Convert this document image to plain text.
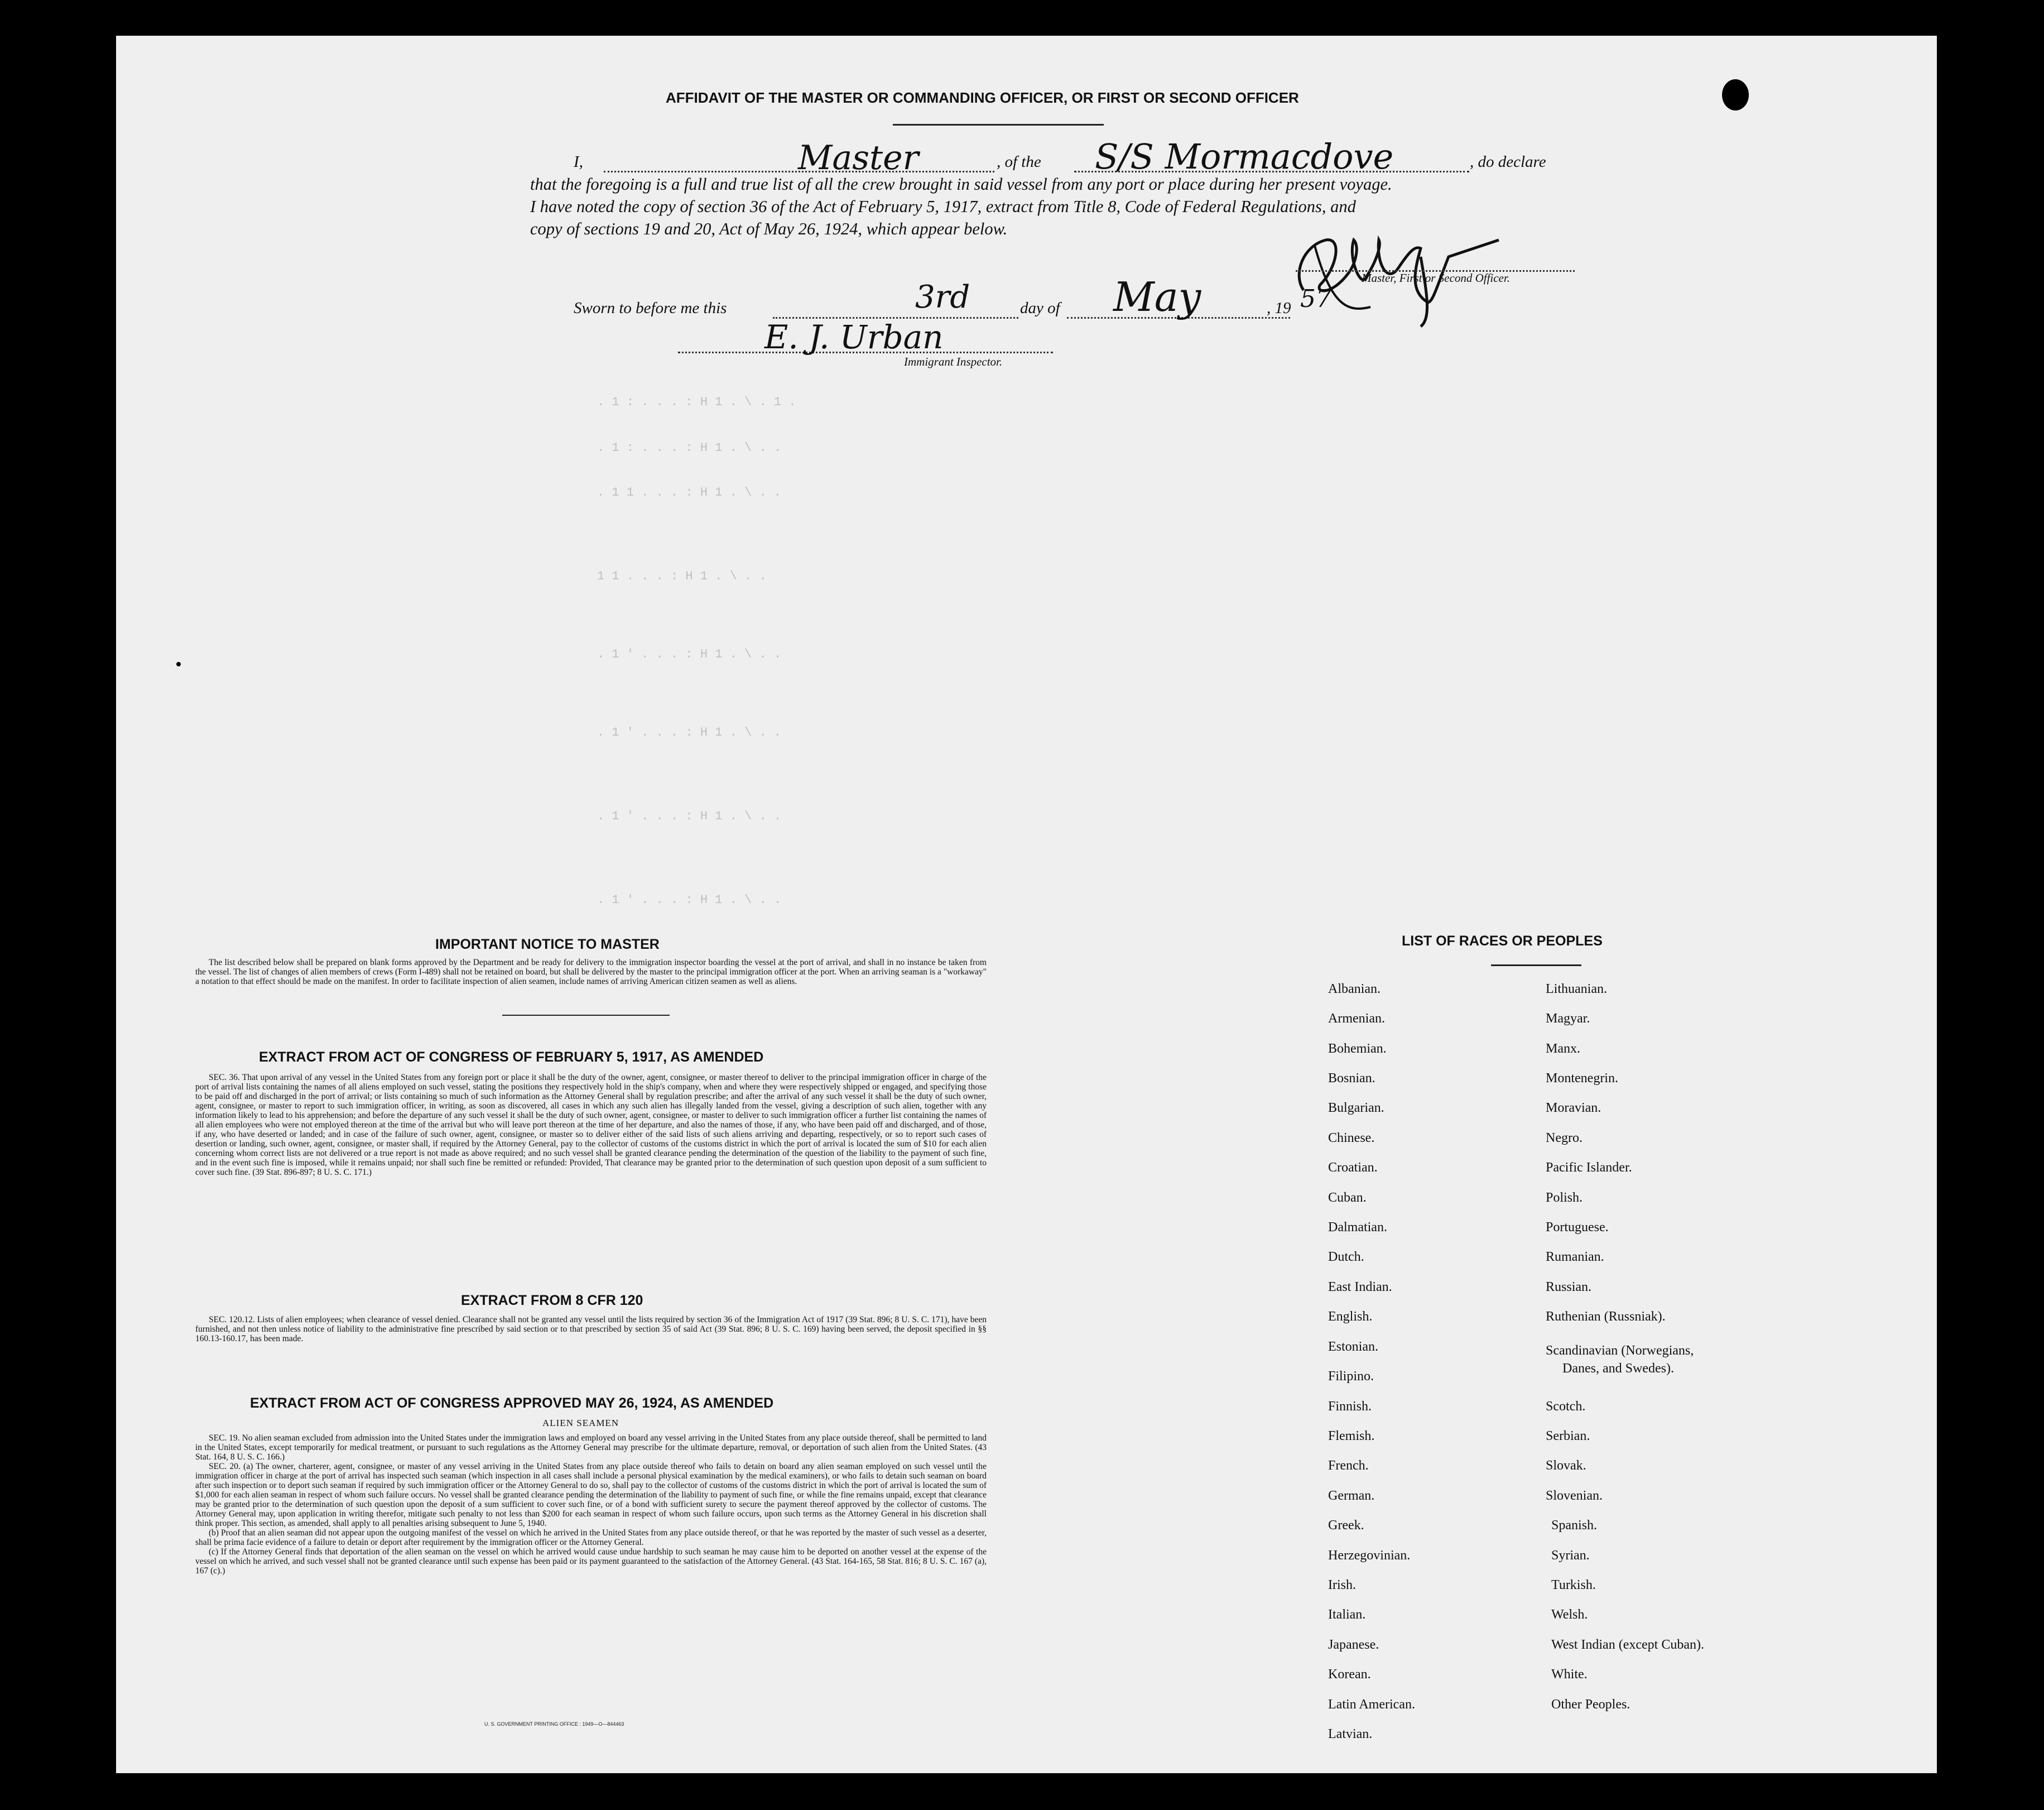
AFFIDAVIT OF THE MASTER OR COMMANDING OFFICER, OR FIRST OR SECOND OFFICER
I,	Master	, of the S/S Mormacdove	, do declare
that the foregoing is a full and true list of all the crew brought in said vessel from any port or place during her present voyage.
I have noted the copy of section 36 of the Act of February 5, 1917, extract from Title 8, Code of Federal Regulations, and
copy of sections 19 and 20, Act of May 26, 1924, which appear below.
Master, First or Second Officer.
Sworn to before me this	3rd	day of May	, 19 57
E. J. Urban
Immigrant Inspector.
. 1 : . . . : H 1 . \ . 1 .
. 1 : . . . : H 1 . \ . .
. 1 1 . . . : H 1 . \ . .
1 1 . . . : H 1 . \ . .
. 1 ' . . . : H 1 . \ . .
. 1 ' . . . : H 1 . \ . .
. 1 ' . . . : H 1 . \ . .
. 1 ' . . . : H 1 . \ . .
IMPORTANT NOTICE TO MASTER

The list described below shall be prepared on blank forms approved by the Department and be ready for delivery to the immigration inspector boarding the vessel at the port of arrival, and shall in no instance be taken from the vessel. The list of changes of alien members of crews (Form I-489) shall not be retained on board, but shall be delivered by the master to the principal immigration officer at the port. When an arriving seaman is a "workaway" a notation to that effect should be made on the manifest. In order to facilitate inspection of alien seamen, include names of arriving American citizen seamen as well as aliens.

EXTRACT FROM ACT OF CONGRESS OF FEBRUARY 5, 1917, AS AMENDED

SEC. 36. That upon arrival of any vessel in the United States from any foreign port or place it shall be the duty of the owner, agent, consignee, or master thereof to deliver to the principal immigration officer in charge of the port of arrival lists containing the names of all aliens employed on such vessel, stating the positions they respectively hold in the ship's company, when and where they were respectively shipped or engaged, and specifying those to be paid off and discharged in the port of arrival; or lists containing so much of such information as the Attorney General shall by regulation prescribe; and after the arrival of any such vessel it shall be the duty of such owner, agent, consignee, or master to report to such immigration officer, in writing, as soon as discovered, all cases in which any such alien has illegally landed from the vessel, giving a description of such alien, together with any information likely to lead to his apprehension; and before the departure of any such vessel it shall be the duty of such owner, agent, consignee, or master to deliver to such immigration officer a further list containing the names of all alien employees who were not employed thereon at the time of the arrival but who will leave port thereon at the time of her departure, and also the names of those, if any, who have been paid off and discharged, and of those, if any, who have deserted or landed; and in case of the failure of such owner, agent, consignee, or master so to deliver either of the said lists of such aliens arriving and departing, respectively, or so to report such cases of desertion or landing, such owner, agent, consignee, or master shall, if required by the Attorney General, pay to the collector of customs of the customs district in which the port of arrival is located the sum of $10 for each alien concerning whom correct lists are not delivered or a true report is not made as above required; and no such vessel shall be granted clearance pending the determination of the question of the liability to the payment of such fine, and in the event such fine is imposed, while it remains unpaid; nor shall such fine be remitted or refunded: Provided, That clearance may be granted prior to the determination of such question upon deposit of a sum sufficient to cover such fine. (39 Stat. 896-897; 8 U. S. C. 171.)

EXTRACT FROM 8 CFR 120

SEC. 120.12. Lists of alien employees; when clearance of vessel denied. Clearance shall not be granted any vessel until the lists required by section 36 of the Immigration Act of 1917 (39 Stat. 896; 8 U. S. C. 171), have been furnished, and not then unless notice of liability to the administrative fine prescribed by said section or to that prescribed by section 35 of said Act (39 Stat. 896; 8 U. S. C. 169) having been served, the deposit specified in §§ 160.13-160.17, has been made.

EXTRACT FROM ACT OF CONGRESS APPROVED MAY 26, 1924, AS AMENDED
ALIEN SEAMEN

SEC. 19. No alien seaman excluded from admission into the United States under the immigration laws and employed on board any vessel arriving in the United States from any place outside thereof, shall be permitted to land in the United States, except temporarily for medical treatment, or pursuant to such regulations as the Attorney General may prescribe for the ultimate departure, removal, or deportation of such alien from the United States. (43 Stat. 164, 8 U. S. C. 166.)

SEC. 20. (a) The owner, charterer, agent, consignee, or master of any vessel arriving in the United States from any place outside thereof who fails to detain on board any alien seaman employed on such vessel until the immigration officer in charge at the port of arrival has inspected such seaman (which inspection in all cases shall include a personal physical examination by the medical examiners), or who fails to detain such seaman on board after such inspection or to deport such seaman if required by such immigration officer or the Attorney General to do so, shall pay to the collector of customs of the customs district in which the port of arrival is located the sum of $1,000 for each alien seaman in respect of whom such failure occurs. No vessel shall be granted clearance pending the determination of the liability to payment of such fine, or while the fine remains unpaid, except that clearance may be granted prior to the determination of such question upon the deposit of a sum sufficient to cover such fine, or of a bond with sufficient surety to secure the payment thereof approved by the collector of customs. The Attorney General may, upon application in writing therefor, mitigate such penalty to not less than $200 for each seaman in respect of whom such failure occurs, upon such terms as the Attorney General in his discretion shall think proper. This section, as amended, shall apply to all penalties arising subsequent to June 5, 1940.

(b) Proof that an alien seaman did not appear upon the outgoing manifest of the vessel on which he arrived in the United States from any place outside thereof, or that he was reported by the master of such vessel as a deserter, shall be prima facie evidence of a failure to detain or deport after requirement by the immigration officer or the Attorney General.

(c) If the Attorney General finds that deportation of the alien seaman on the vessel on which he arrived would cause undue hardship to such seaman he may cause him to be deported on another vessel at the expense of the vessel on which he arrived, and such vessel shall not be granted clearance until such expense has been paid or its payment guaranteed to the satisfaction of the Attorney General. (43 Stat. 164-165, 58 Stat. 816; 8 U. S. C. 167 (a), 167 (c).)

U. S. GOVERNMENT PRINTING OFFICE : 1949—O—844463
LIST OF RACES OR PEOPLES
Albanian.
Armenian.
Bohemian.
Bosnian.
Bulgarian.
Chinese.
Croatian.
Cuban.
Dalmatian.
Dutch.
East Indian.
English.
Estonian.
Filipino.
Finnish.
Flemish.
French.
German.
Greek.
Herzegovinian.
Irish.
Italian.
Japanese.
Korean.
Latin American.
Latvian.
Lithuanian.
Magyar.
Manx.
Montenegrin.
Moravian.
Negro.
Pacific Islander.
Polish.
Portuguese.
Rumanian.
Russian.
Ruthenian (Russniak).
Scandinavian (Norwegians,
Danes, and Swedes).
Scotch.
Serbian.
Slovak.
Slovenian.
Spanish.
Syrian.
Turkish.
Welsh.
West Indian (except Cuban).
White.
Other Peoples.
